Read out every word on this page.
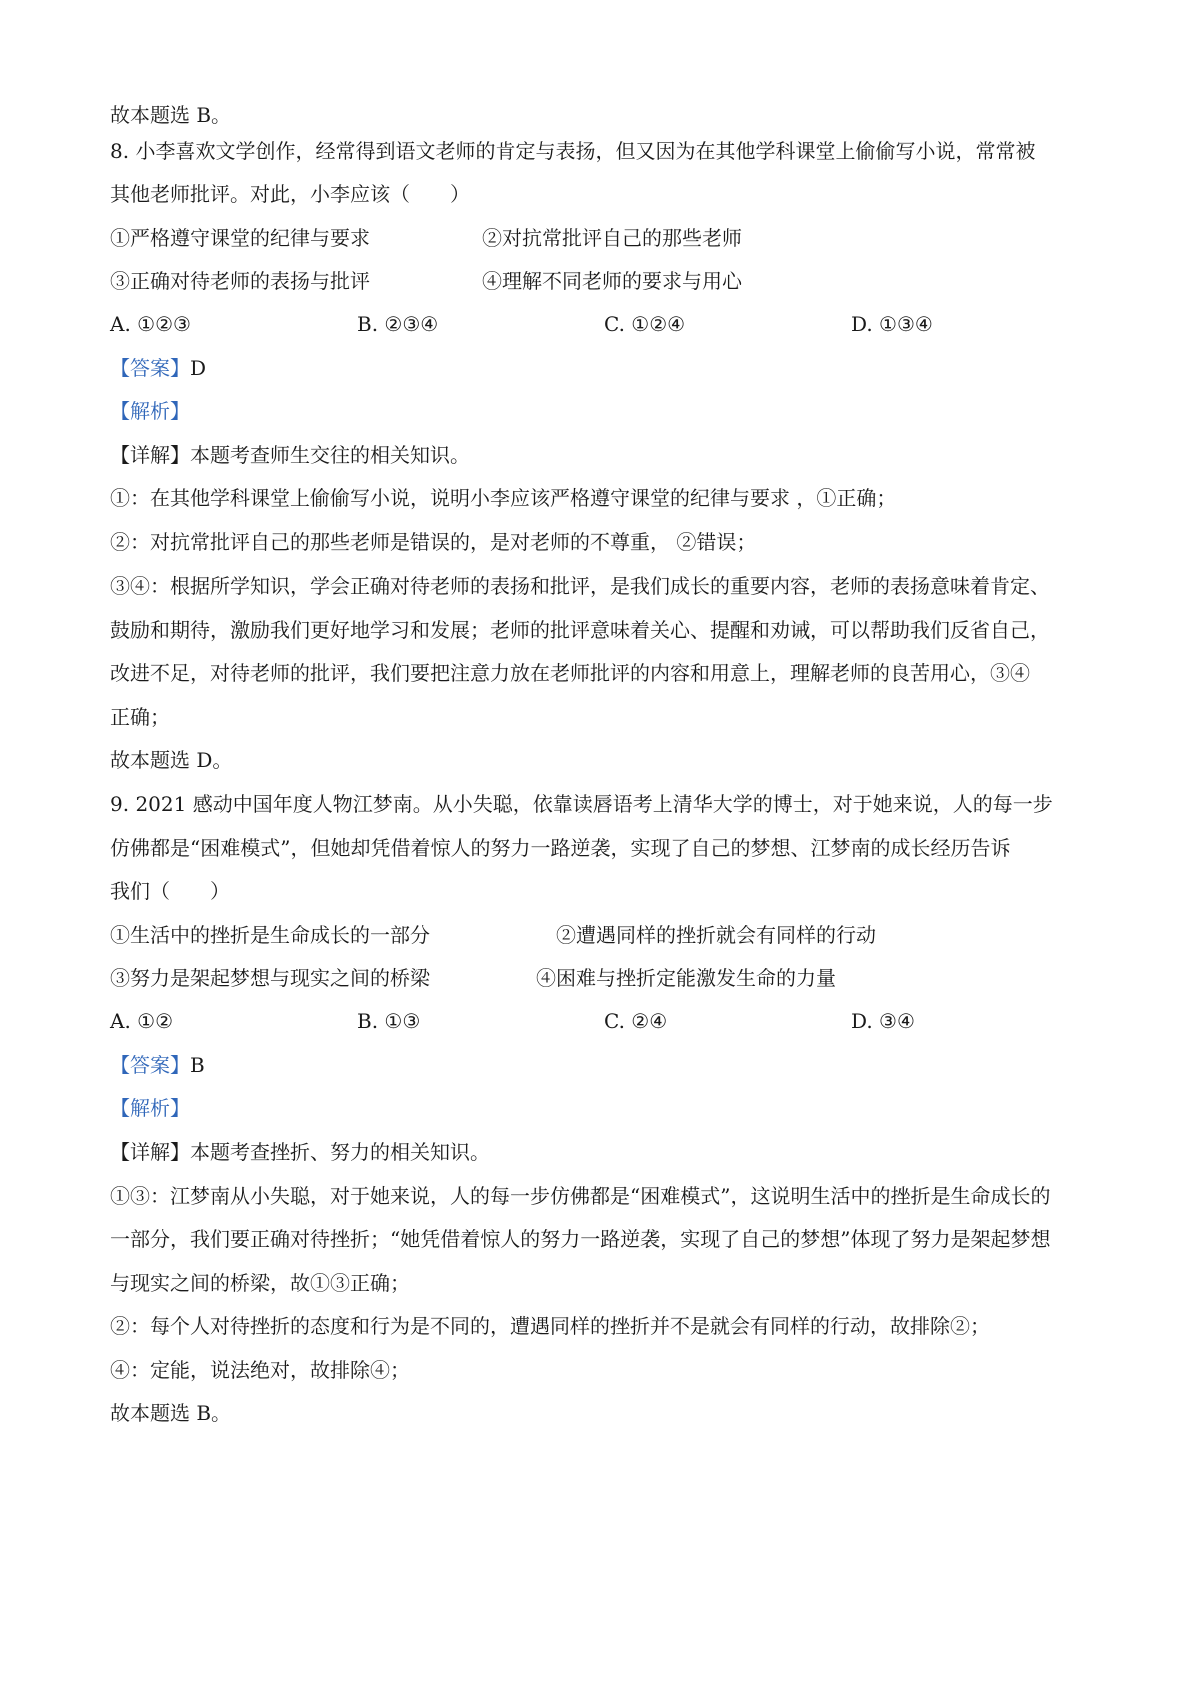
故本题选 B。
8. 小李喜欢文学创作，经常得到语文老师的肯定与表扬，但又因为在其他学科课堂上偷偷写小说，常常被
其他老师批评。对此，小李应该（　　）
①严格遵守课堂的纪律与要求	②对抗常批评自己的那些老师
③正确对待老师的表扬与批评	④理解不同老师的要求与用心
A. ①②③	B. ②③④	C. ①②④	D. ①③④
【答案】D
【解析】
【详解】本题考查师生交往的相关知识。
①：在其他学科课堂上偷偷写小说，说明小李应该严格遵守课堂的纪律与要求 ，①正确；
②：对抗常批评自己的那些老师是错误的，是对老师的不尊重， ②错误；
③④：根据所学知识，学会正确对待老师的表扬和批评，是我们成长的重要内容，老师的表扬意味着肯定、
鼓励和期待，激励我们更好地学习和发展；老师的批评意味着关心、提醒和劝诫，可以帮助我们反省自己，
改进不足，对待老师的批评，我们要把注意力放在老师批评的内容和用意上，理解老师的良苦用心，③④
正确；
故本题选 D。
9. 2021 感动中国年度人物江梦南。从小失聪，依靠读唇语考上清华大学的博士，对于她来说，人的每一步
仿佛都是“困难模式”，但她却凭借着惊人的努力一路逆袭，实现了自己的梦想、江梦南的成长经历告诉
我们（　　）
①生活中的挫折是生命成长的一部分	②遭遇同样的挫折就会有同样的行动
③努力是架起梦想与现实之间的桥梁	④困难与挫折定能激发生命的力量
A. ①②	B. ①③	C. ②④	D. ③④
【答案】B
【解析】
【详解】本题考查挫折、努力的相关知识。
①③：江梦南从小失聪，对于她来说，人的每一步仿佛都是“困难模式”，这说明生活中的挫折是生命成长的
一部分，我们要正确对待挫折；“她凭借着惊人的努力一路逆袭，实现了自己的梦想”体现了努力是架起梦想
与现实之间的桥梁，故①③正确；
②：每个人对待挫折的态度和行为是不同的，遭遇同样的挫折并不是就会有同样的行动，故排除②；
④：定能，说法绝对，故排除④；
故本题选 B。
